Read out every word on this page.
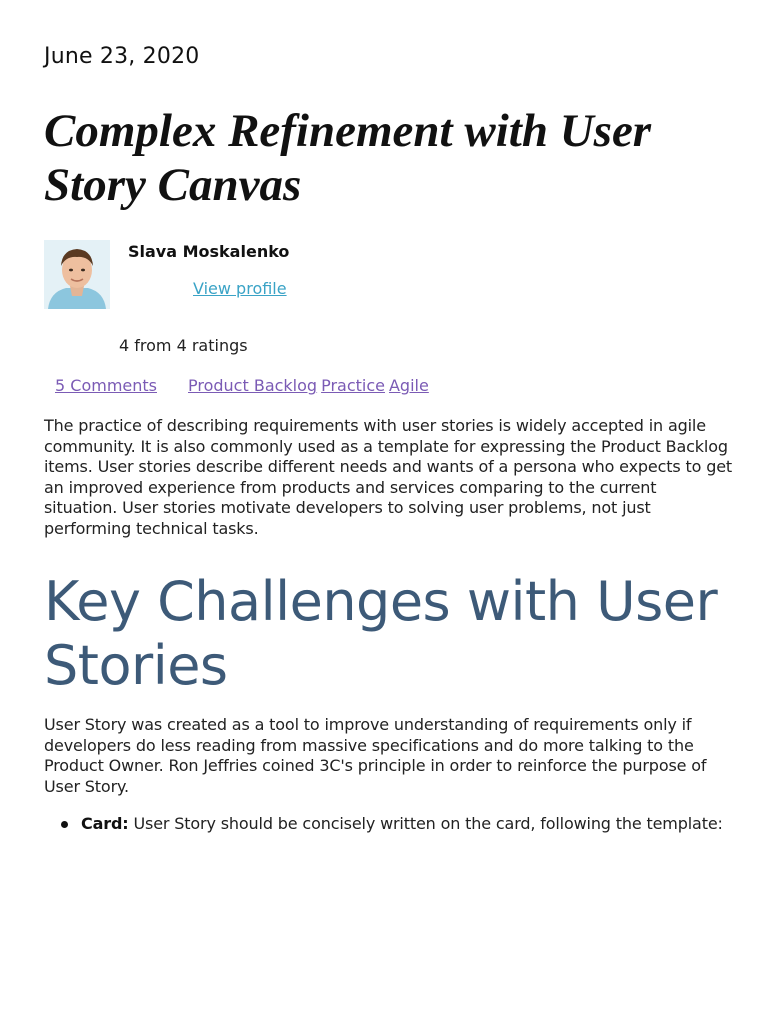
June 23, 2020
Complex Refinement with User Story Canvas
Slava Moskalenko
View profile
4 from 4 ratings
5 Comments Product Backlog Practice Agile

The practice of describing requirements with user stories is widely accepted in agile community. It is also commonly used as a template for expressing the Product Backlog items. User stories describe different needs and wants of a persona who expects to get an improved experience from products and services comparing to the current situation. User stories motivate developers to solving user problems, not just performing technical tasks.

Key Challenges with User Stories

User Story was created as a tool to improve understanding of requirements only if developers do less reading from massive specifications and do more talking to the Product Owner. Ron Jeffries coined 3C's principle in order to reinforce the purpose of User Story.

Card: User Story should be concisely written on the card, following the template:
